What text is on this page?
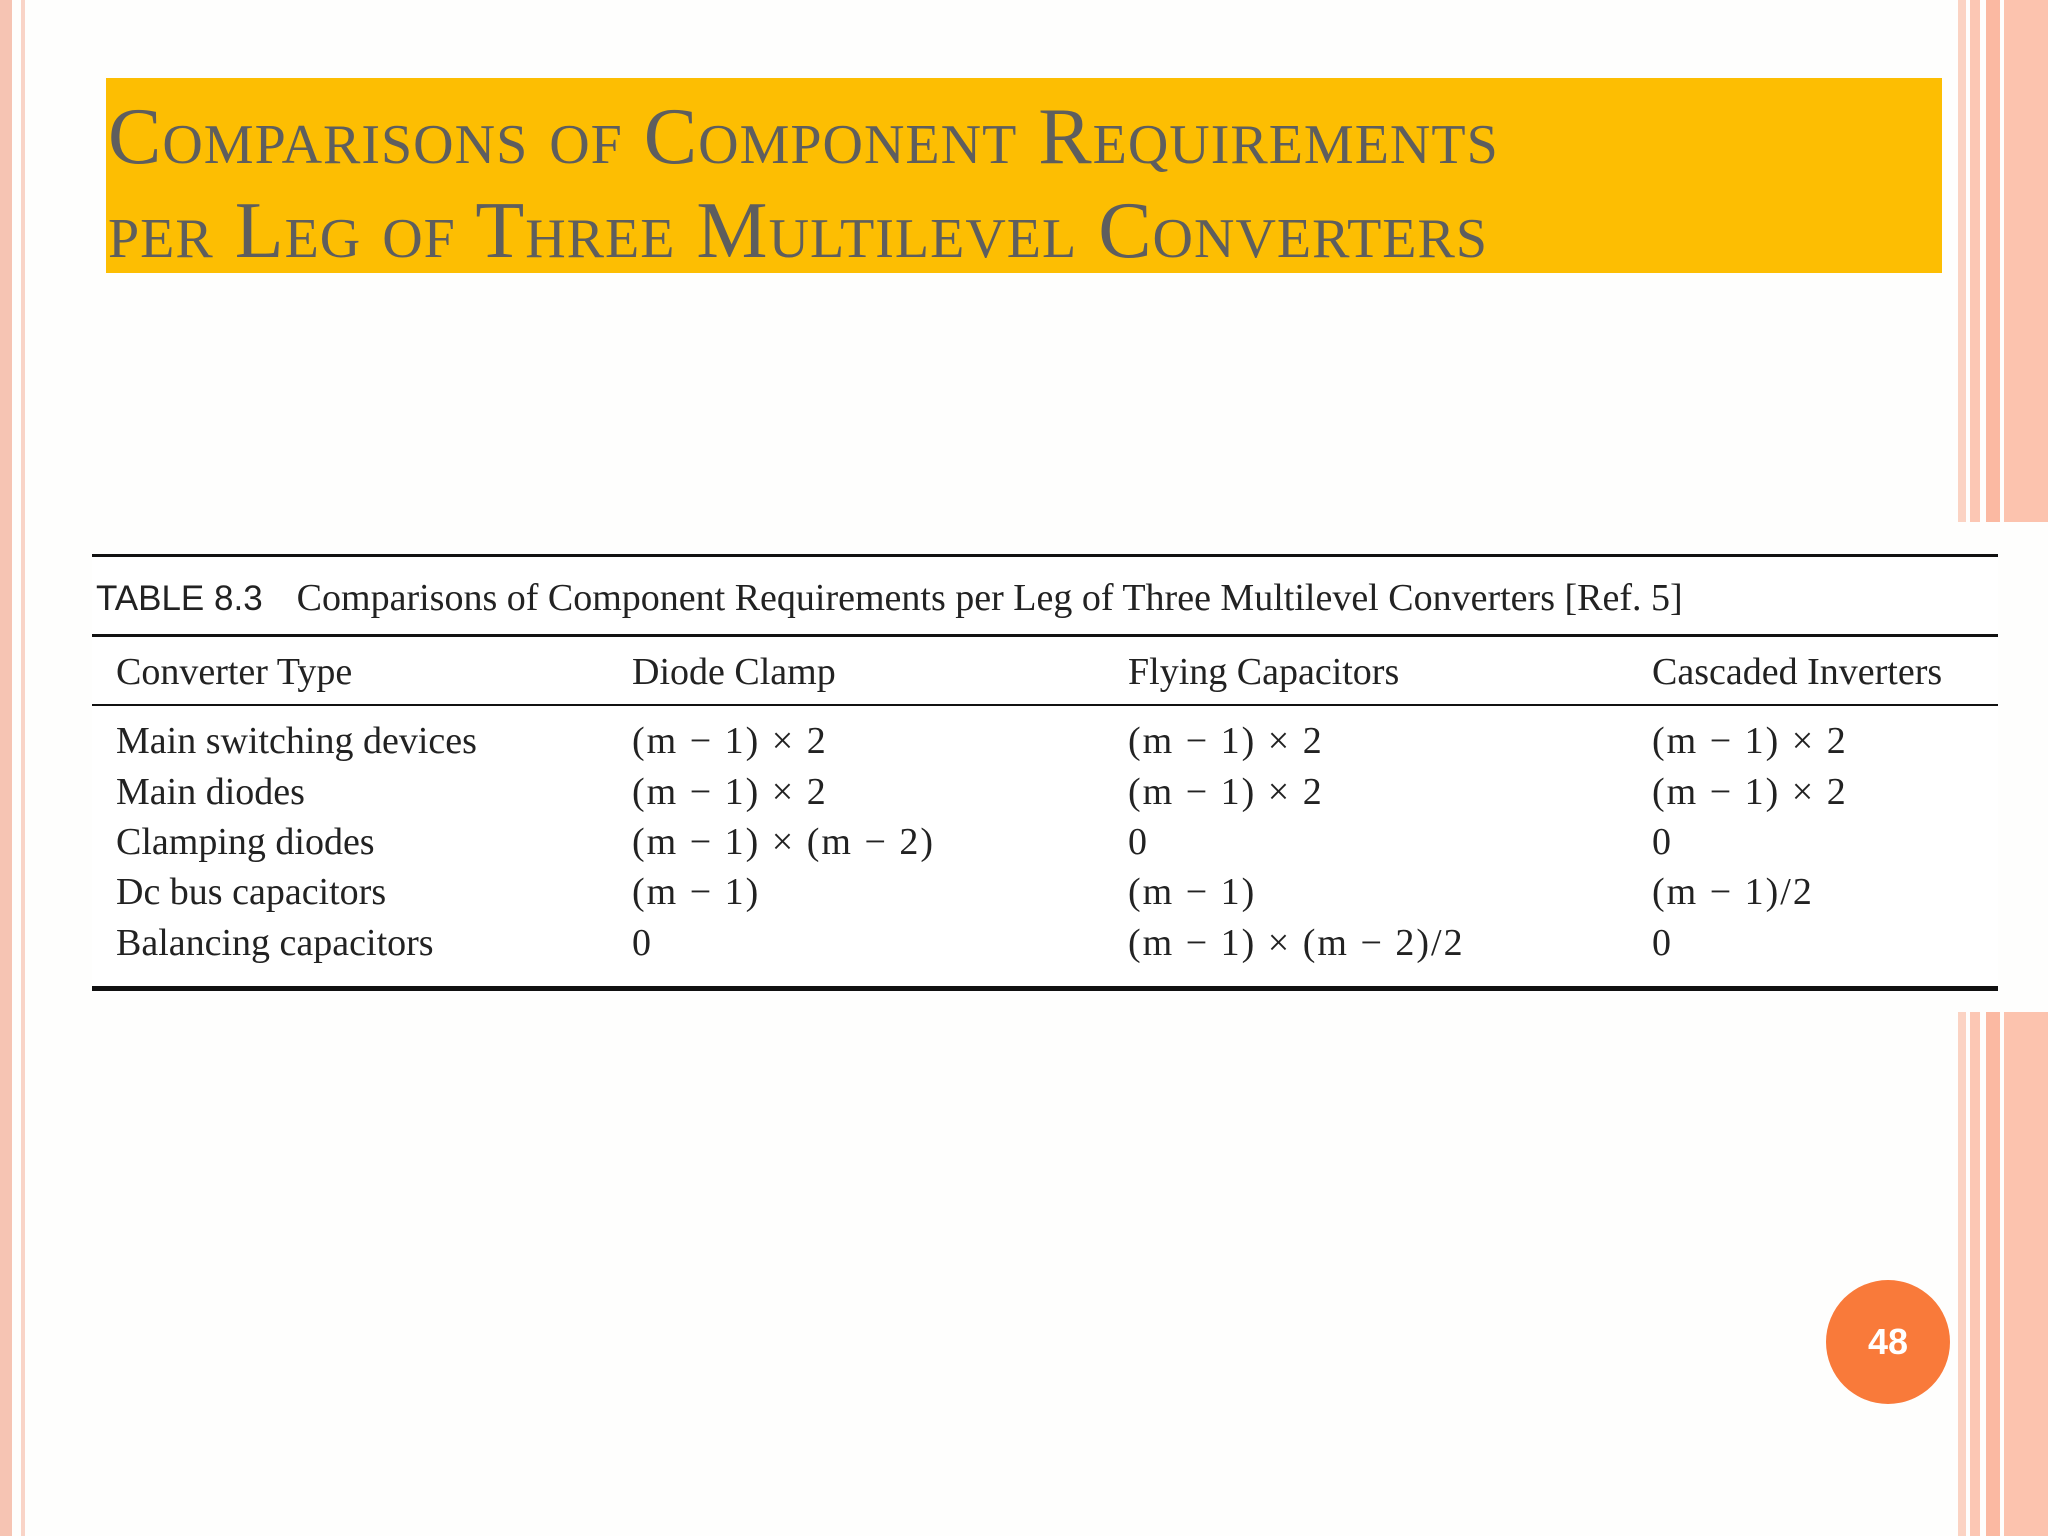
Comparisons of Component Requirements
per Leg of Three Multilevel Converters
TABLE 8.3 Comparisons of Component Requirements per Leg of Three Multilevel Converters [Ref. 5]
Converter Type	Diode Clamp	Flying Capacitors	Cascaded Inverters
Main switching devices	(m − 1) × 2	(m − 1) × 2	(m − 1) × 2
Main diodes	(m − 1) × 2	(m − 1) × 2	(m − 1) × 2
Clamping diodes	(m − 1) × (m − 2)	0	0
Dc bus capacitors	(m − 1)	(m − 1)	(m − 1)/2
Balancing capacitors	0	(m − 1) × (m − 2)/2	0
48
